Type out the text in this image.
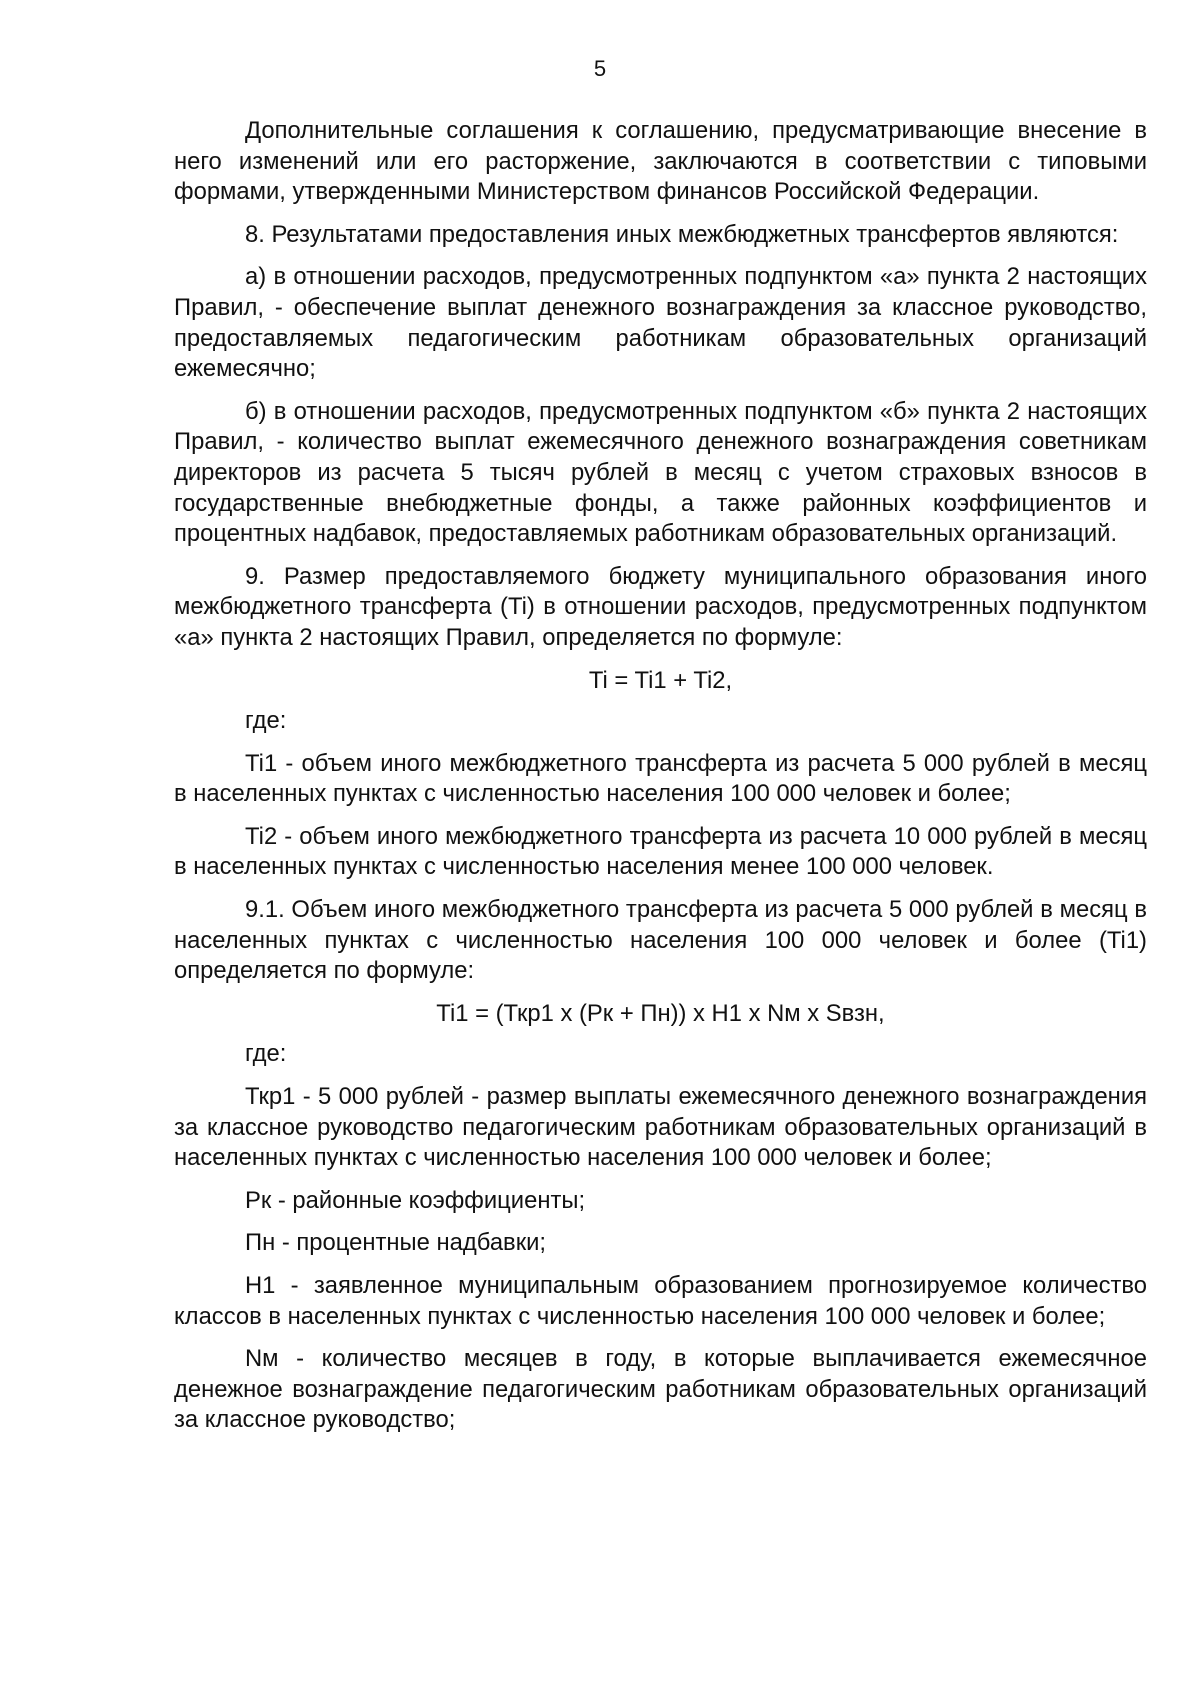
5

Дополнительные соглашения к соглашению, предусматривающие внесение в него изменений или его расторжение, заключаются в соответствии с типовыми формами, утвержденными Министерством финансов Российской Федерации.

8. Результатами предоставления иных межбюджетных трансфертов являются:

а) в отношении расходов, предусмотренных подпунктом «а» пункта 2 настоящих Правил, - обеспечение выплат денежного вознаграждения за классное руководство, предоставляемых педагогическим работникам образовательных организаций ежемесячно;

б) в отношении расходов, предусмотренных подпунктом «б» пункта 2 настоящих Правил, - количество выплат ежемесячного денежного вознаграждения советникам директоров из расчета 5 тысяч рублей в месяц с учетом страховых взносов в государственные внебюджетные фонды, а также районных коэффициентов и процентных надбавок, предоставляемых работникам образовательных организаций.

9. Размер предоставляемого бюджету муниципального образования иного межбюджетного трансферта (Ti) в отношении расходов, предусмотренных подпунктом «а» пункта 2 настоящих Правил, определяется по формуле:

Ti = Ti1 + Ti2,

где:

Ti1 - объем иного межбюджетного трансферта из расчета 5 000 рублей в месяц в населенных пунктах с численностью населения 100 000 человек и более;

Ti2 - объем иного межбюджетного трансферта из расчета 10 000 рублей в месяц в населенных пунктах с численностью населения менее 100 000 человек.

9.1. Объем иного межбюджетного трансферта из расчета 5 000 рублей в месяц в населенных пунктах с численностью населения 100 000 человек и более (Ti1) определяется по формуле:

Ti1 = (Ткр1 x (Рк + Пн)) x Н1 x Nм x Sвзн,

где:

Ткр1 - 5 000 рублей - размер выплаты ежемесячного денежного вознаграждения за классное руководство педагогическим работникам образовательных организаций в населенных пунктах с численностью населения 100 000 человек и более;

Рк - районные коэффициенты;

Пн - процентные надбавки;

Н1 - заявленное муниципальным образованием прогнозируемое количество классов в населенных пунктах с численностью населения 100 000 человек и более;

Nм - количество месяцев в году, в которые выплачивается ежемесячное денежное вознаграждение педагогическим работникам образовательных организаций за классное руководство;
